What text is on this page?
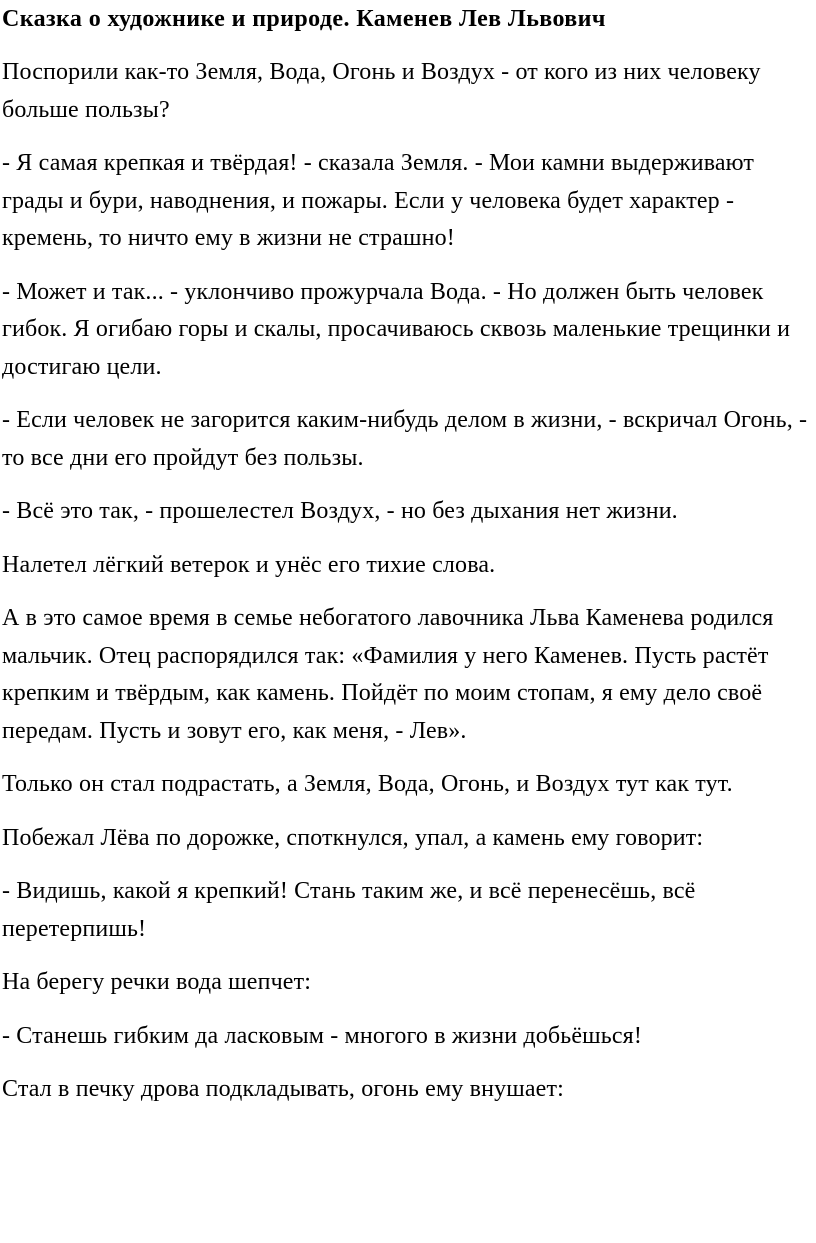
Сказка о художнике и природе. Каменев Лев Львович

Поспорили как-то Земля, Вода, Огонь и Воздух - от кого из них человеку больше пользы?

- Я самая крепкая и твёрдая! - сказала Земля. - Мои камни выдерживают грады и бури, наводнения, и пожары. Если у человека будет характер - кремень, то ничто ему в жизни не страшно!

- Может и так... - уклончиво прожурчала Вода. - Но должен быть человек гибок. Я огибаю горы и скалы, просачиваюсь сквозь маленькие трещинки и достигаю цели.

- Если человек не загорится каким-нибудь делом в жизни, - вскричал Огонь, - то все дни его пройдут без пользы.

- Всё это так, - прошелестел Воздух, - но без дыхания нет жизни.

Налетел лёгкий ветерок и унёс его тихие слова.

А в это самое время в семье небогатого лавочника Льва Каменева родился мальчик. Отец распорядился так: «Фамилия у него Каменев. Пусть растёт крепким и твёрдым, как камень. Пойдёт по моим стопам, я ему дело своё передам. Пусть и зовут его, как меня, - Лев».

Только он стал подрастать, а Земля, Вода, Огонь, и Воздух тут как тут.

Побежал Лёва по дорожке, споткнулся, упал, а камень ему говорит:

- Видишь, какой я крепкий! Стань таким же, и всё перенесёшь, всё перетерпишь!

На берегу речки вода шепчет:

- Станешь гибким да ласковым - многого в жизни добьёшься!

Стал в печку дрова подкладывать, огонь ему внушает:
